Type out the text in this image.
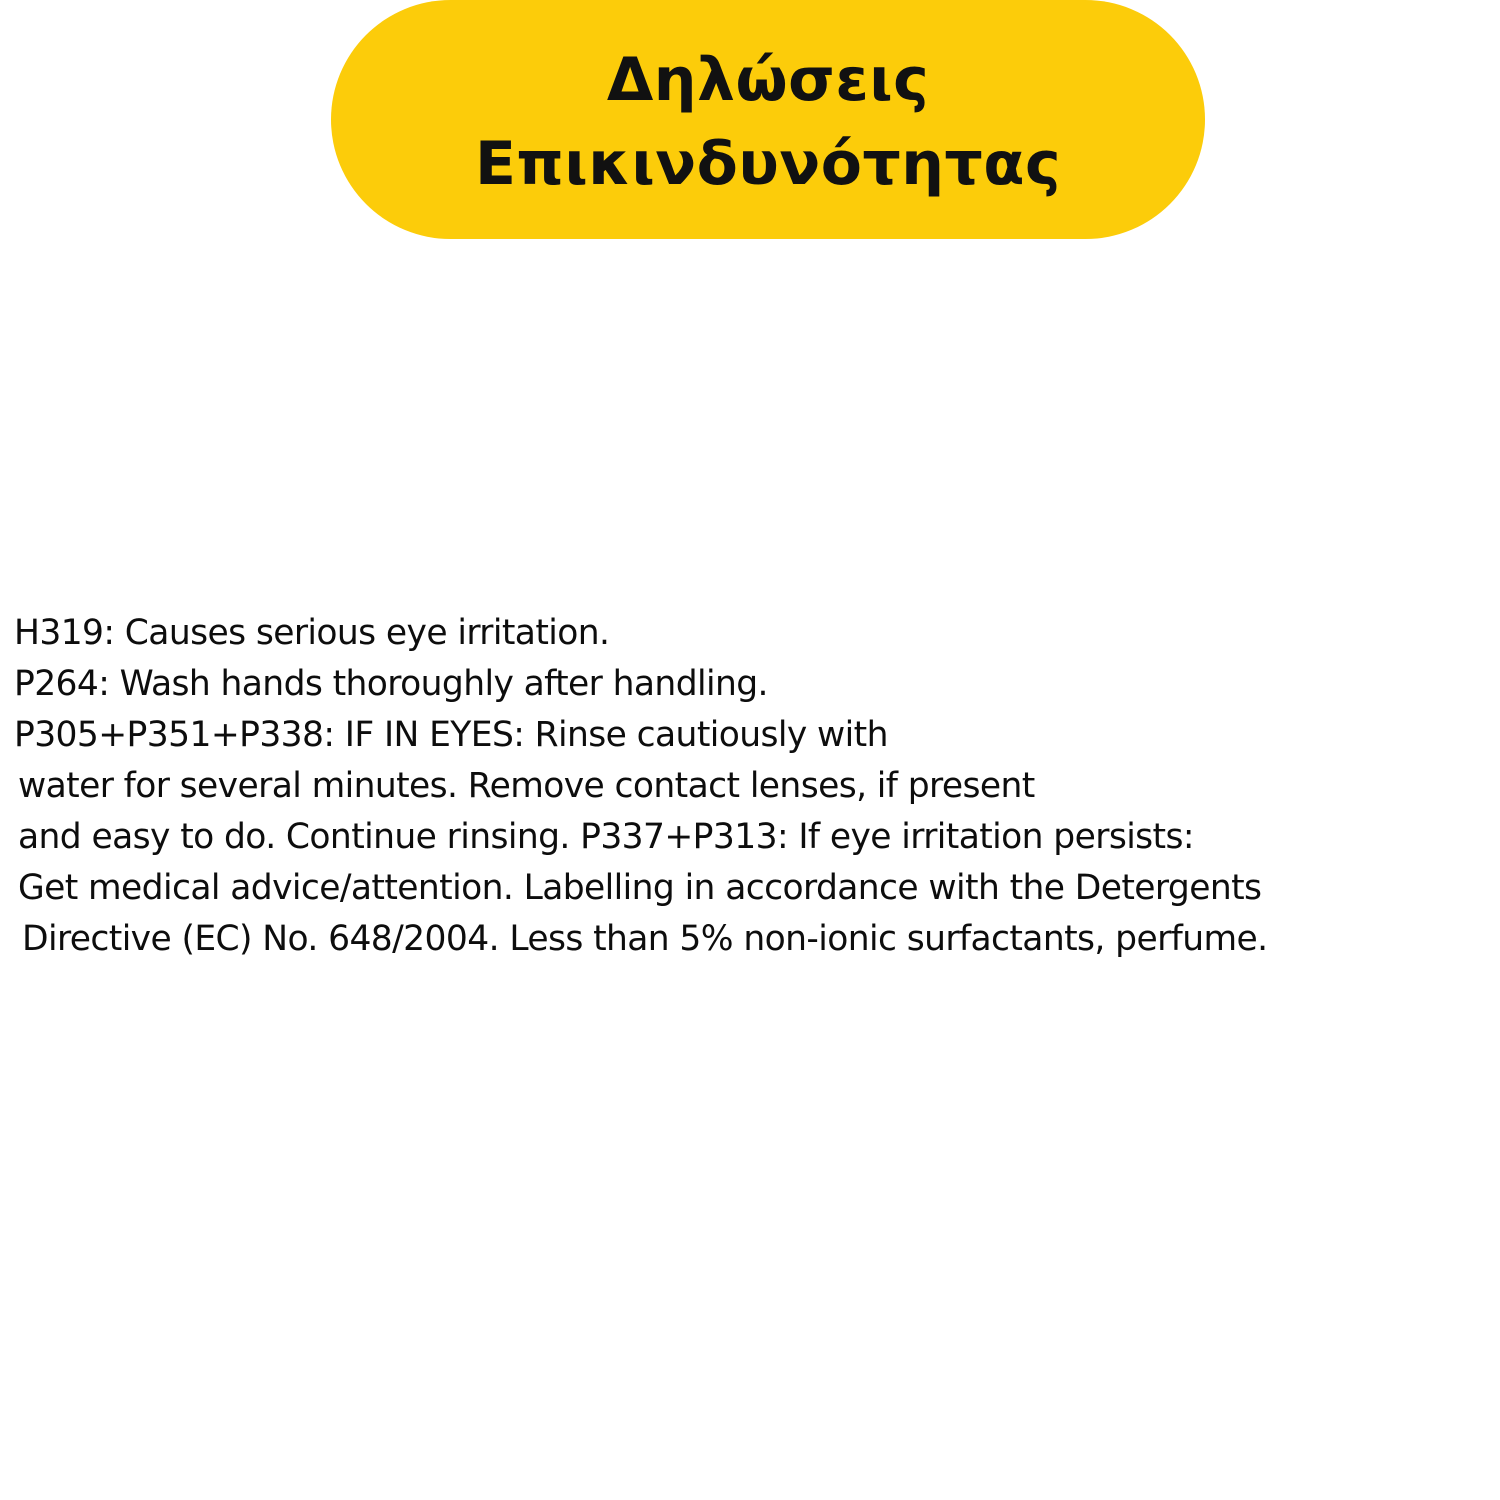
Δηλώσεις
Επικινδυνότητας
H319: Causes serious eye irritation.
P264: Wash hands thoroughly after handling.
P305+P351+P338: IF IN EYES: Rinse cautiously with
water for several minutes. Remove contact lenses, if present
and easy to do. Continue rinsing. P337+P313: If eye irritation persists:
Get medical advice/attention. Labelling in accordance with the Detergents
Directive (EC) No. 648/2004. Less than 5% non-ionic surfactants, perfume.
